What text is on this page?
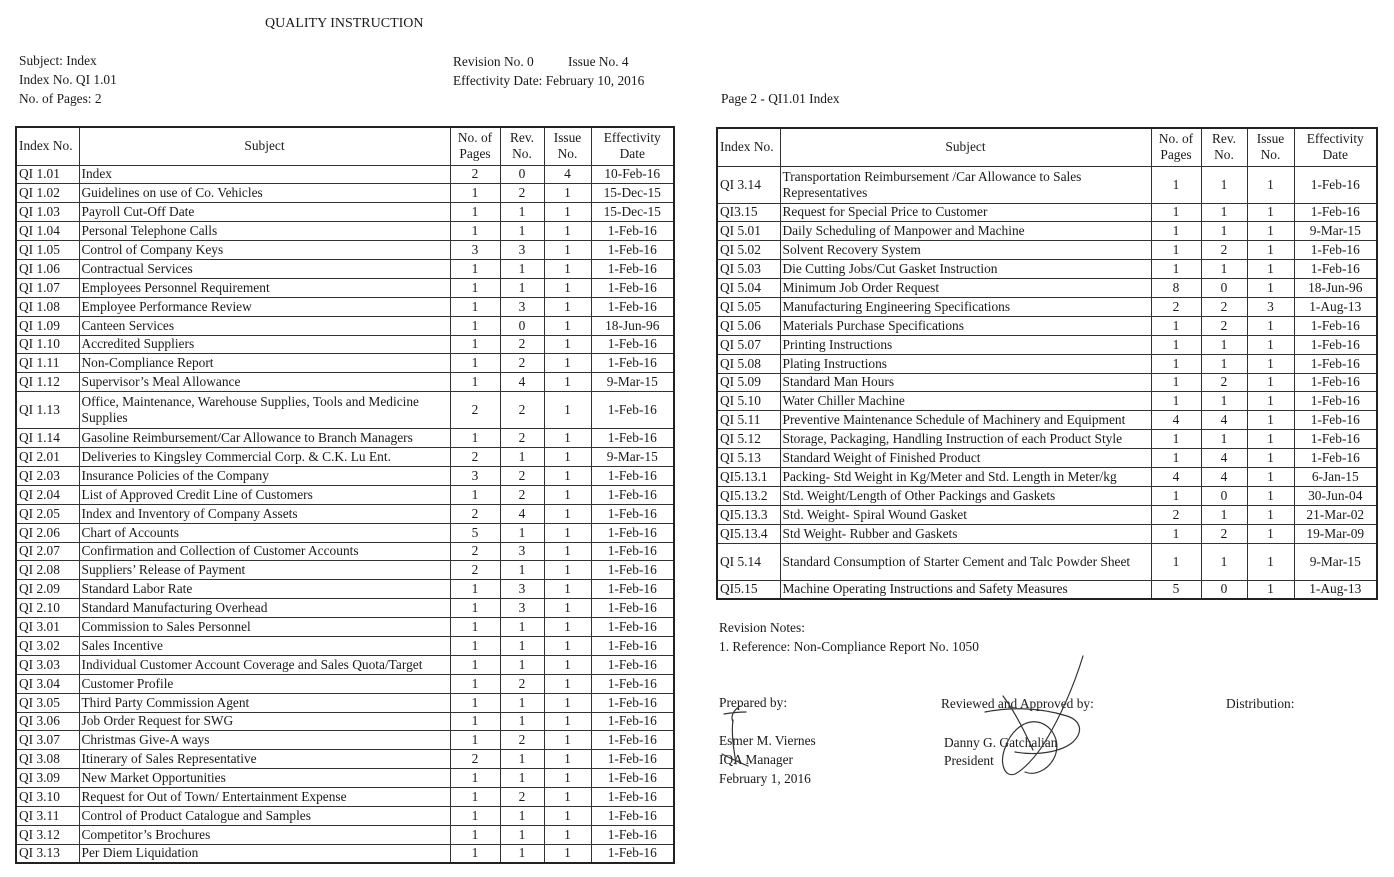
QUALITY INSTRUCTION
Subject: Index
Index No. QI 1.01
No. of Pages: 2
Revision No. 0	Issue No. 4
Effectivity Date: February 10, 2016
Page 2 - QI1.01 Index
Index No.	Subject	No. of Pages	Rev. No.	Issue No.	Effectivity Date
QI 1.01	Index	2	0	4	10-Feb-16
QI 1.02	Guidelines on use of Co. Vehicles	1	2	1	15-Dec-15
QI 1.03	Payroll Cut-Off Date	1	1	1	15-Dec-15
QI 1.04	Personal Telephone Calls	1	1	1	1-Feb-16
QI 1.05	Control of Company Keys	3	3	1	1-Feb-16
QI 1.06	Contractual Services	1	1	1	1-Feb-16
QI 1.07	Employees Personnel Requirement	1	1	1	1-Feb-16
QI 1.08	Employee Performance Review	1	3	1	1-Feb-16
QI 1.09	Canteen Services	1	0	1	18-Jun-96
QI 1.10	Accredited Suppliers	1	2	1	1-Feb-16
QI 1.11	Non-Compliance Report	1	2	1	1-Feb-16
QI 1.12	Supervisor’s Meal Allowance	1	4	1	9-Mar-15
QI 1.13	Office, Maintenance, Warehouse Supplies, Tools and Medicine Supplies	2	2	1	1-Feb-16
QI 1.14	Gasoline Reimbursement/Car Allowance to Branch Managers	1	2	1	1-Feb-16
QI 2.01	Deliveries to Kingsley Commercial Corp. & C.K. Lu Ent.	2	1	1	9-Mar-15
QI 2.03	Insurance Policies of the Company	3	2	1	1-Feb-16
QI 2.04	List of Approved Credit Line of Customers	1	2	1	1-Feb-16
QI 2.05	Index and Inventory of Company Assets	2	4	1	1-Feb-16
QI 2.06	Chart of Accounts	5	1	1	1-Feb-16
QI 2.07	Confirmation and Collection of Customer Accounts	2	3	1	1-Feb-16
QI 2.08	Suppliers’ Release of Payment	2	1	1	1-Feb-16
QI 2.09	Standard Labor Rate	1	3	1	1-Feb-16
QI 2.10	Standard Manufacturing Overhead	1	3	1	1-Feb-16
QI 3.01	Commission to Sales Personnel	1	1	1	1-Feb-16
QI 3.02	Sales Incentive	1	1	1	1-Feb-16
QI 3.03	Individual Customer Account Coverage and Sales Quota/Target	1	1	1	1-Feb-16
QI 3.04	Customer Profile	1	2	1	1-Feb-16
QI 3.05	Third Party Commission Agent	1	1	1	1-Feb-16
QI 3.06	Job Order Request for SWG	1	1	1	1-Feb-16
QI 3.07	Christmas Give-A ways	1	2	1	1-Feb-16
QI 3.08	Itinerary of Sales Representative	2	1	1	1-Feb-16
QI 3.09	New Market Opportunities	1	1	1	1-Feb-16
QI 3.10	Request for Out of Town/ Entertainment Expense	1	2	1	1-Feb-16
QI 3.11	Control of Product Catalogue and Samples	1	1	1	1-Feb-16
QI 3.12	Competitor’s Brochures	1	1	1	1-Feb-16
QI 3.13	Per Diem Liquidation	1	1	1	1-Feb-16
Index No.	Subject	No. of Pages	Rev. No.	Issue No.	Effectivity Date
QI 3.14	Transportation Reimbursement /Car Allowance to Sales Representatives	1	1	1	1-Feb-16
QI3.15	Request for Special Price to Customer	1	1	1	1-Feb-16
QI 5.01	Daily Scheduling of Manpower and Machine	1	1	1	9-Mar-15
QI 5.02	Solvent Recovery System	1	2	1	1-Feb-16
QI 5.03	Die Cutting Jobs/Cut Gasket Instruction	1	1	1	1-Feb-16
QI 5.04	Minimum Job Order Request	8	0	1	18-Jun-96
QI 5.05	Manufacturing Engineering Specifications	2	2	3	1-Aug-13
QI 5.06	Materials Purchase Specifications	1	2	1	1-Feb-16
QI 5.07	Printing Instructions	1	1	1	1-Feb-16
QI 5.08	Plating Instructions	1	1	1	1-Feb-16
QI 5.09	Standard Man Hours	1	2	1	1-Feb-16
QI 5.10	Water Chiller Machine	1	1	1	1-Feb-16
QI 5.11	Preventive Maintenance Schedule of Machinery and Equipment	4	4	1	1-Feb-16
QI 5.12	Storage, Packaging, Handling Instruction of each Product Style	1	1	1	1-Feb-16
QI 5.13	Standard Weight of Finished Product	1	4	1	1-Feb-16
QI5.13.1	Packing- Std Weight in Kg/Meter and Std. Length in Meter/kg	4	4	1	6-Jan-15
QI5.13.2	Std. Weight/Length of Other Packings and Gaskets	1	0	1	30-Jun-04
QI5.13.3	Std. Weight- Spiral Wound Gasket	2	1	1	21-Mar-02
QI5.13.4	Std Weight- Rubber and Gaskets	1	2	1	19-Mar-09
QI 5.14	Standard Consumption of Starter Cement and Talc Powder Sheet	1	1	1	9-Mar-15
QI5.15	Machine Operating Instructions and Safety Measures	5	0	1	1-Aug-13
Revision Notes:
1. Reference: Non-Compliance Report No. 1050
Prepared by:
Esmer M. Viernes
IQA Manager
February 1, 2016
Reviewed and Approved by:
Danny G. Gatchalian
President
Distribution:
